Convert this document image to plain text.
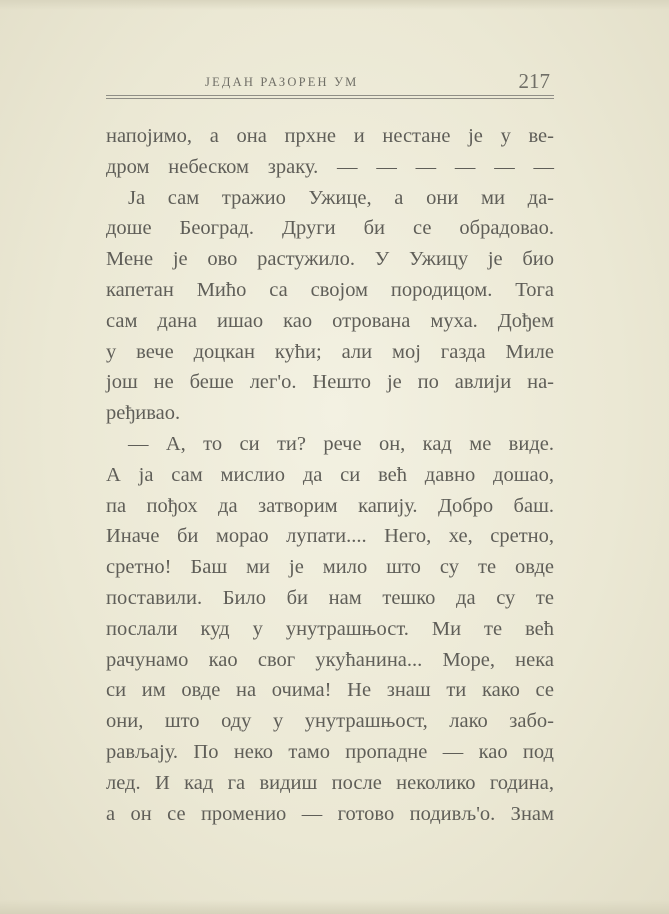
ЈЕДАН РАЗОРЕН УМ	217
напојимо, а она прхне и нестане је у ве-
дром небеском зраку. — — — — — —
Ја сам тражио Ужице, а они ми да-
доше Београд. Други би се обрадовао.
Мене је ово растужило. У Ужицу је био
капетан Мићо са својом породицом. Тога
сам дана ишао као отрована муха. Дођем
у вече доцкан кући; али мој газда Миле
још не беше лег'о. Нешто је по авлији на-
ређивао.
— А, то си ти? рече он, кад ме виде.
А ја сам мислио да си већ давно дошао,
па пођох да затворим капију. Добро баш.
Иначе би морао лупати.... Него, хе, сретно,
сретно! Баш ми је мило што су те овде
поставили. Било би нам тешко да су те
послали куд у унутрашњост. Ми те већ
рачунамо као свог укућанина... Море, нека
си им овде на очима! Не знаш ти како се
они, што оду у унутрашњост, лако забо-
рављају. По неко тамо пропадне — као под
лед. И кад га видиш после неколико година,
а он се променио — готово подивљ'о. Знам
